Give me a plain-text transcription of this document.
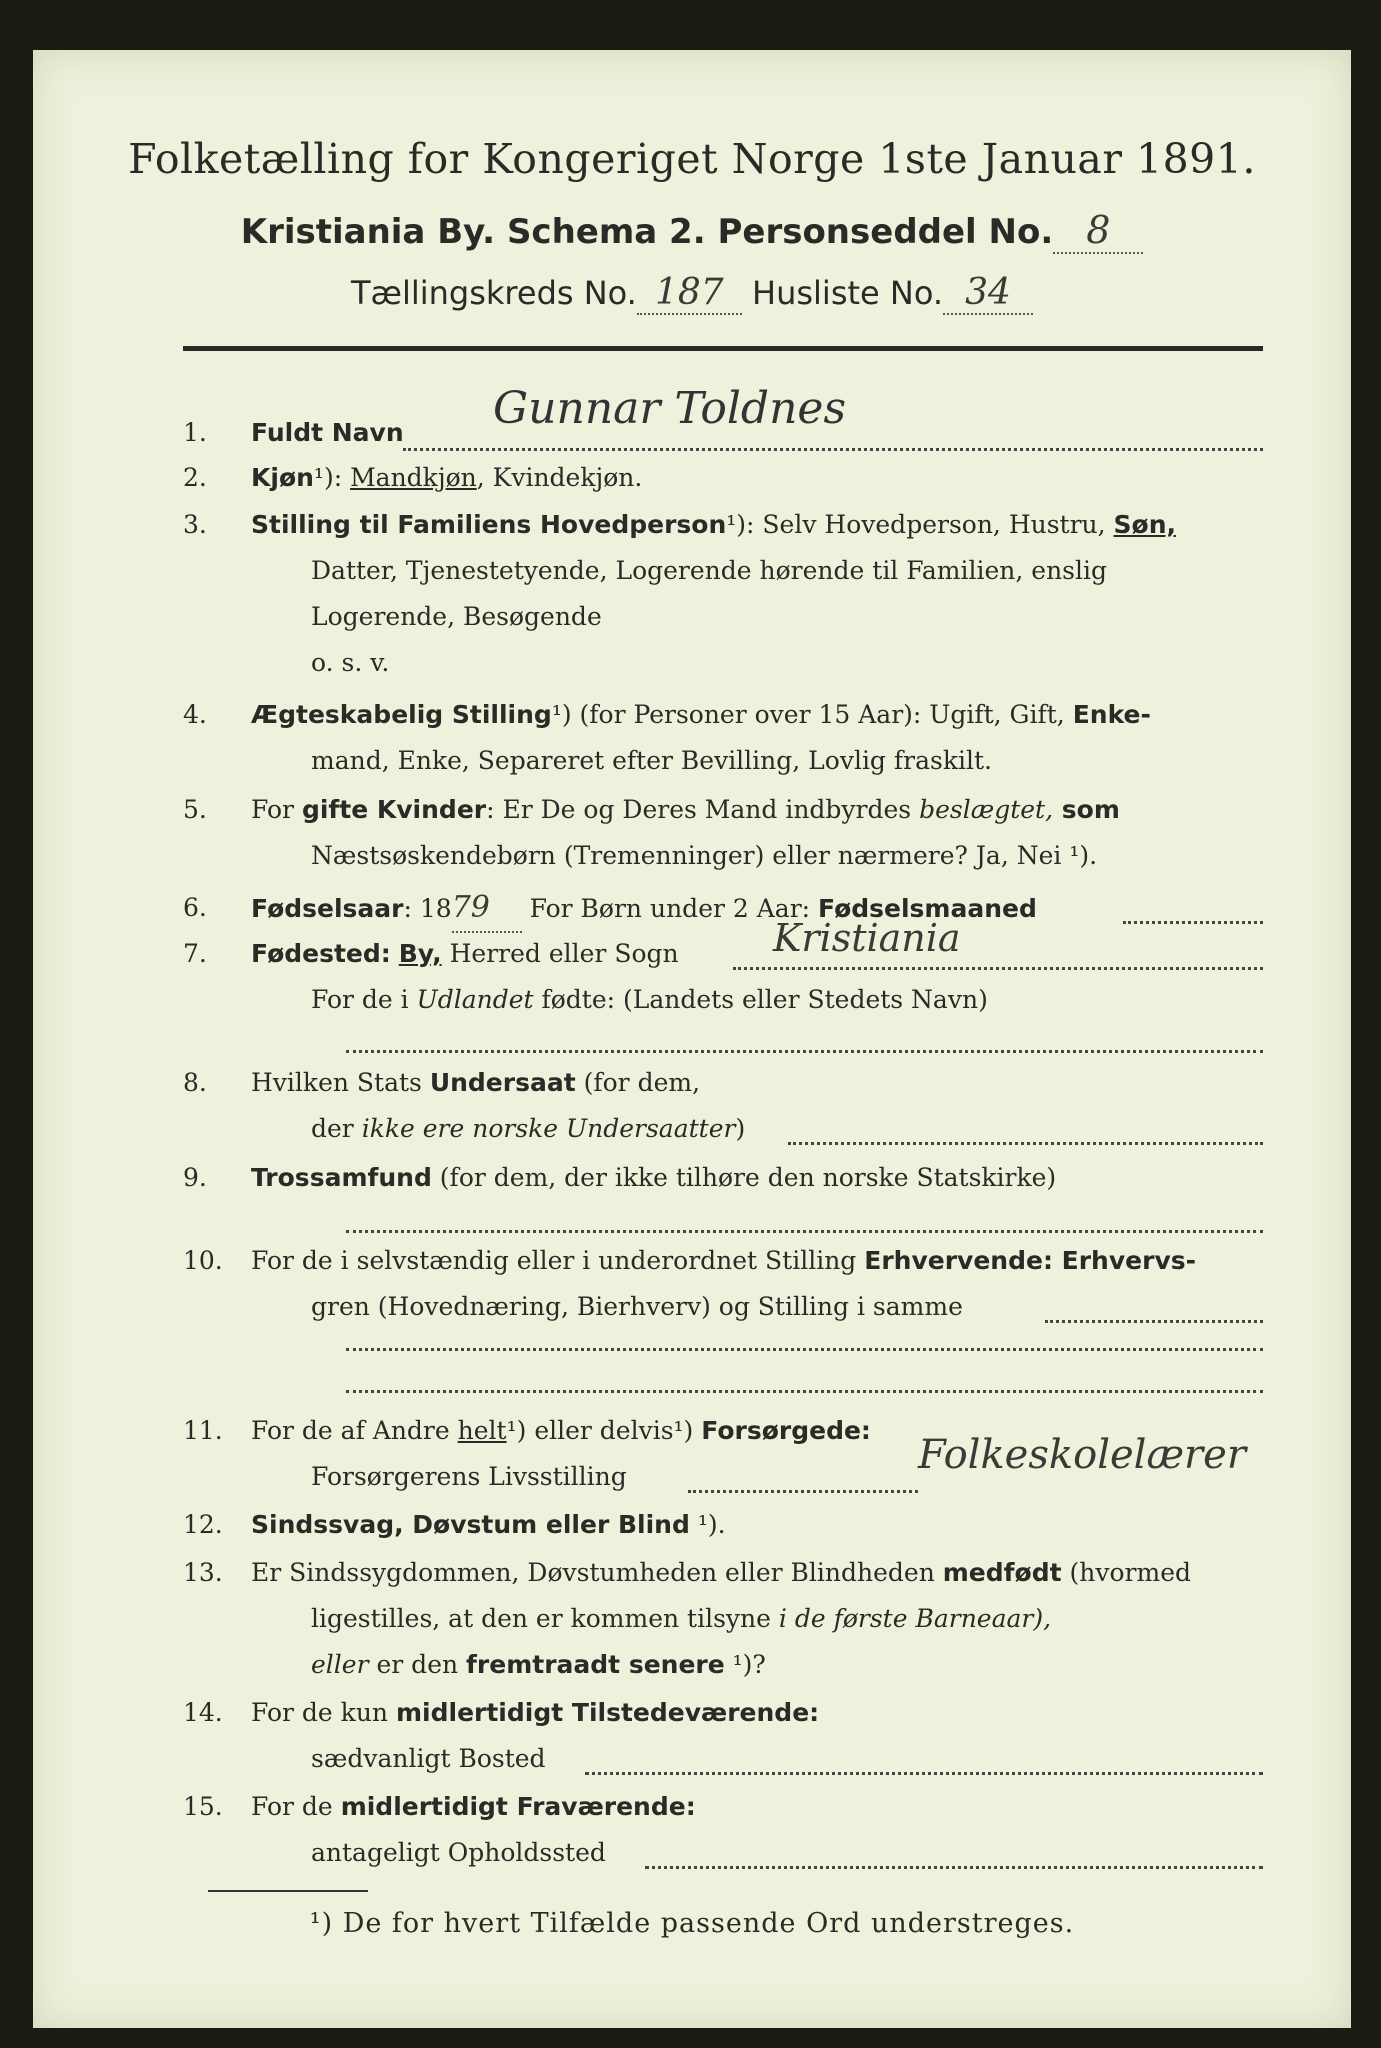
Folketælling for Kongeriget Norge 1ste Januar 1891.
Kristiania By. Schema 2. Personseddel No. 8
Tællingskreds No. 187 Husliste No. 34
1.	Fuldt Navn Gunnar Toldnes
2.	Kjøn¹): Mandkjøn, Kvindekjøn.
3.	Stilling til Familiens Hovedperson¹): Selv Hovedperson, Hustru, Søn,
Datter, Tjenestetyende, Logerende hørende til Familien, enslig
Logerende, Besøgende
o. s. v.
4.	Ægteskabelig Stilling¹) (for Personer over 15 Aar): Ugift, Gift, Enke-
mand, Enke, Separeret efter Bevilling, Lovlig fraskilt.
5.	For gifte Kvinder: Er De og Deres Mand indbyrdes beslægtet, som
Næstsøskendebørn (Tremenninger) eller nærmere? Ja, Nei ¹).
6.	Fødselsaar: 1879 For Børn under 2 Aar: Fødselsmaaned
7.	Fødested: By, Herred eller Sogn Kristiania
For de i Udlandet fødte: (Landets eller Stedets Navn)
8.	Hvilken Stats Undersaat (for dem,
der ikke ere norske Undersaatter)
9.	Trossamfund (for dem, der ikke tilhøre den norske Statskirke)
10.	For de i selvstændig eller i underordnet Stilling Erhvervende: Erhvervs-
gren (Hovednæring, Bierhverv) og Stilling i samme
11.	For de af Andre helt¹) eller delvis¹) Forsørgede:
Forsørgerens Livsstilling	Folkeskolelærer
12.	Sindssvag, Døvstum eller Blind ¹).
13.	Er Sindssygdommen, Døvstumheden eller Blindheden medfødt (hvormed
ligestilles, at den er kommen tilsyne i de første Barneaar),
eller er den fremtraadt senere ¹)?
14.	For de kun midlertidigt Tilstedeværende:
sædvanligt Bosted
15.	For de midlertidigt Fraværende:
antageligt Opholdssted
¹) De for hvert Tilfælde passende Ord understreges.
